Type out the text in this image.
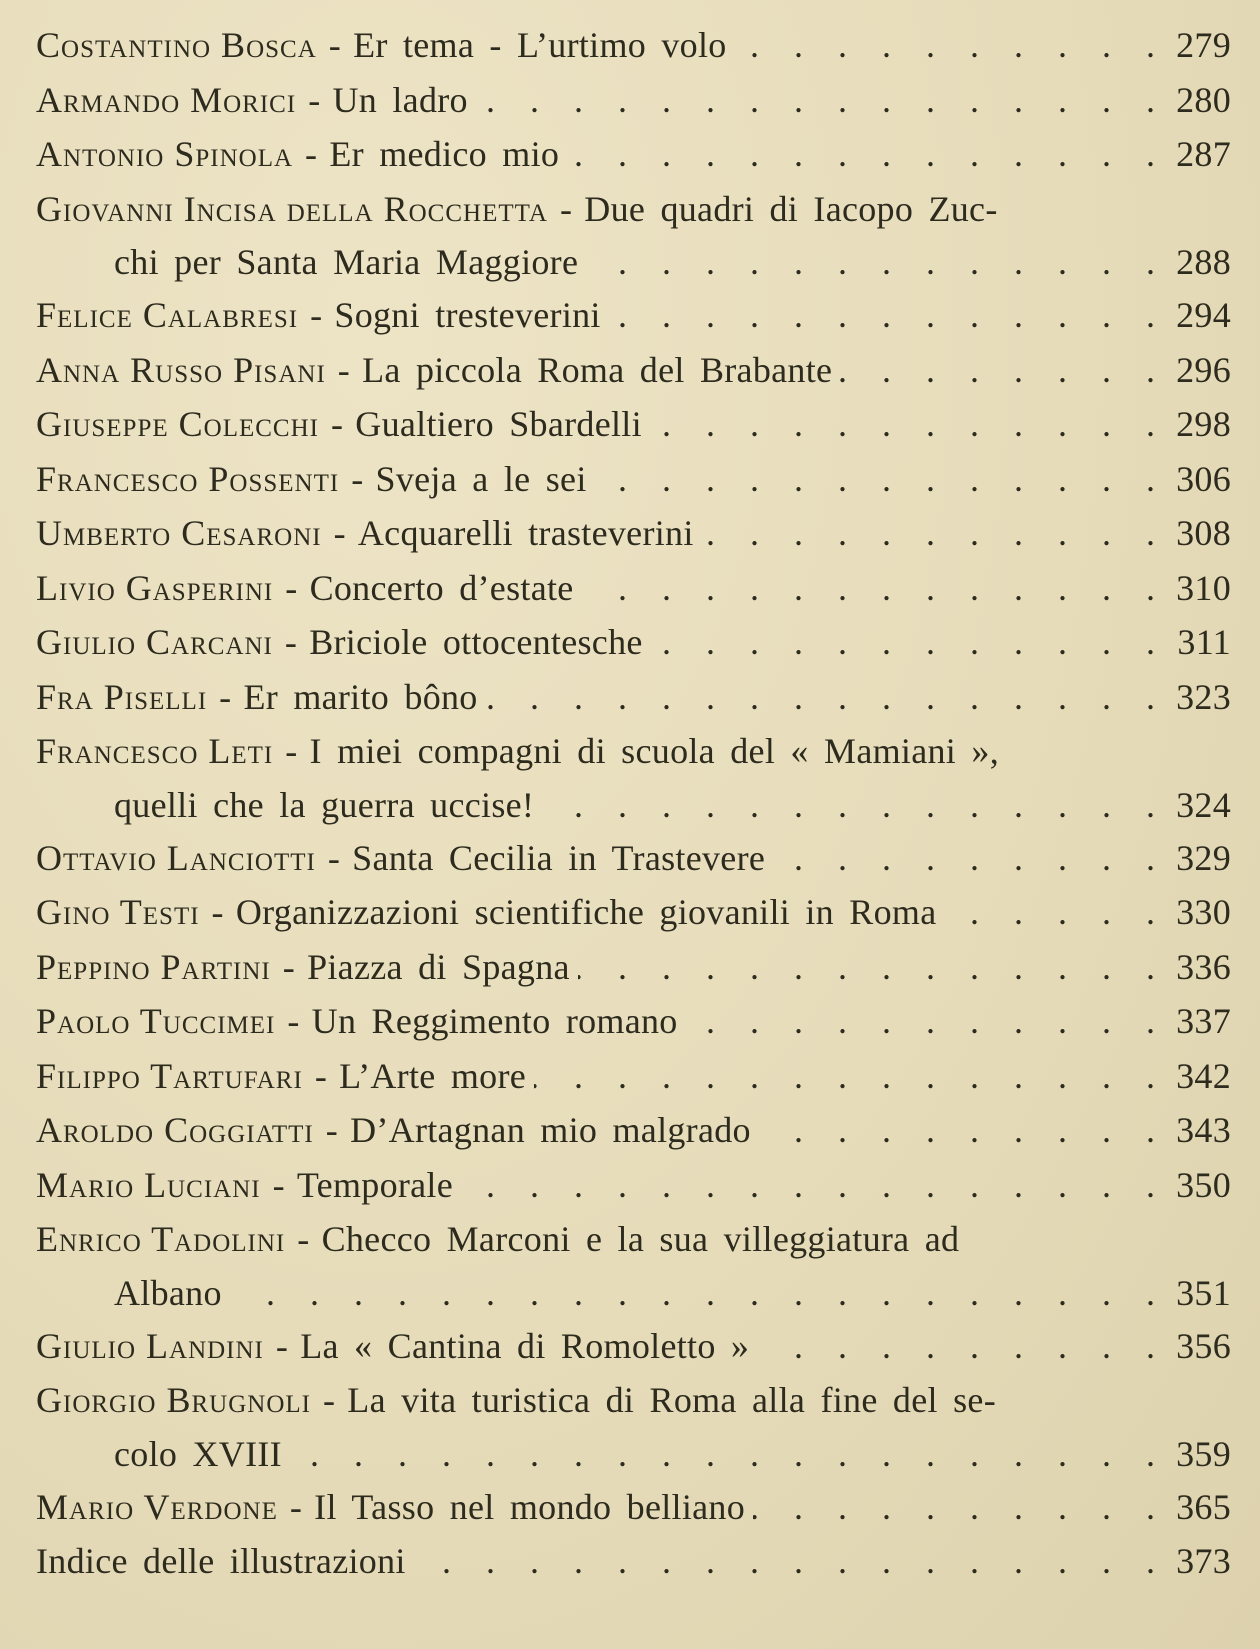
Costantino Bosca - Er tema - L’urtimo volo . . .	279
Armando Morici - Un ladro . . .	280
Antonio Spinola - Er medico mio . . .	287
Giovanni Incisa della Rocchetta - Due quadri di Iacopo Zuc-
chi per Santa Maria Maggiore . . .	288
Felice Calabresi - Sogni tresteverini . . .	294
Anna Russo Pisani - La piccola Roma del Brabante . . .	296
Giuseppe Colecchi - Gualtiero Sbardelli . . .	298
Francesco Possenti - Sveja a le sei . . .	306
Umberto Cesaroni - Acquarelli trasteverini . . .	308
Livio Gasperini - Concerto d’estate . . .	310
Giulio Carcani - Briciole ottocentesche . . .	311
Fra Piselli - Er marito bôno . . .	323
Francesco Leti - I miei compagni di scuola del « Mamiani »,
quelli che la guerra uccise! . . .	324
Ottavio Lanciotti - Santa Cecilia in Trastevere . . .	329
Gino Testi - Organizzazioni scientifiche giovanili in Roma . . .	330
Peppino Partini - Piazza di Spagna . . .	336
Paolo Tuccimei - Un Reggimento romano . . .	337
Filippo Tartufari - L’Arte more . . .	342
Aroldo Coggiatti - D’Artagnan mio malgrado . . .	343
Mario Luciani - Temporale . . .	350
Enrico Tadolini - Checco Marconi e la sua villeggiatura ad
Albano . . .	351
Giulio Landini - La « Cantina di Romoletto » . . .	356
Giorgio Brugnoli - La vita turistica di Roma alla fine del se-
colo XVIII . . .	359
Mario Verdone - Il Tasso nel mondo belliano . . .	365
Indice delle illustrazioni . . .	373
